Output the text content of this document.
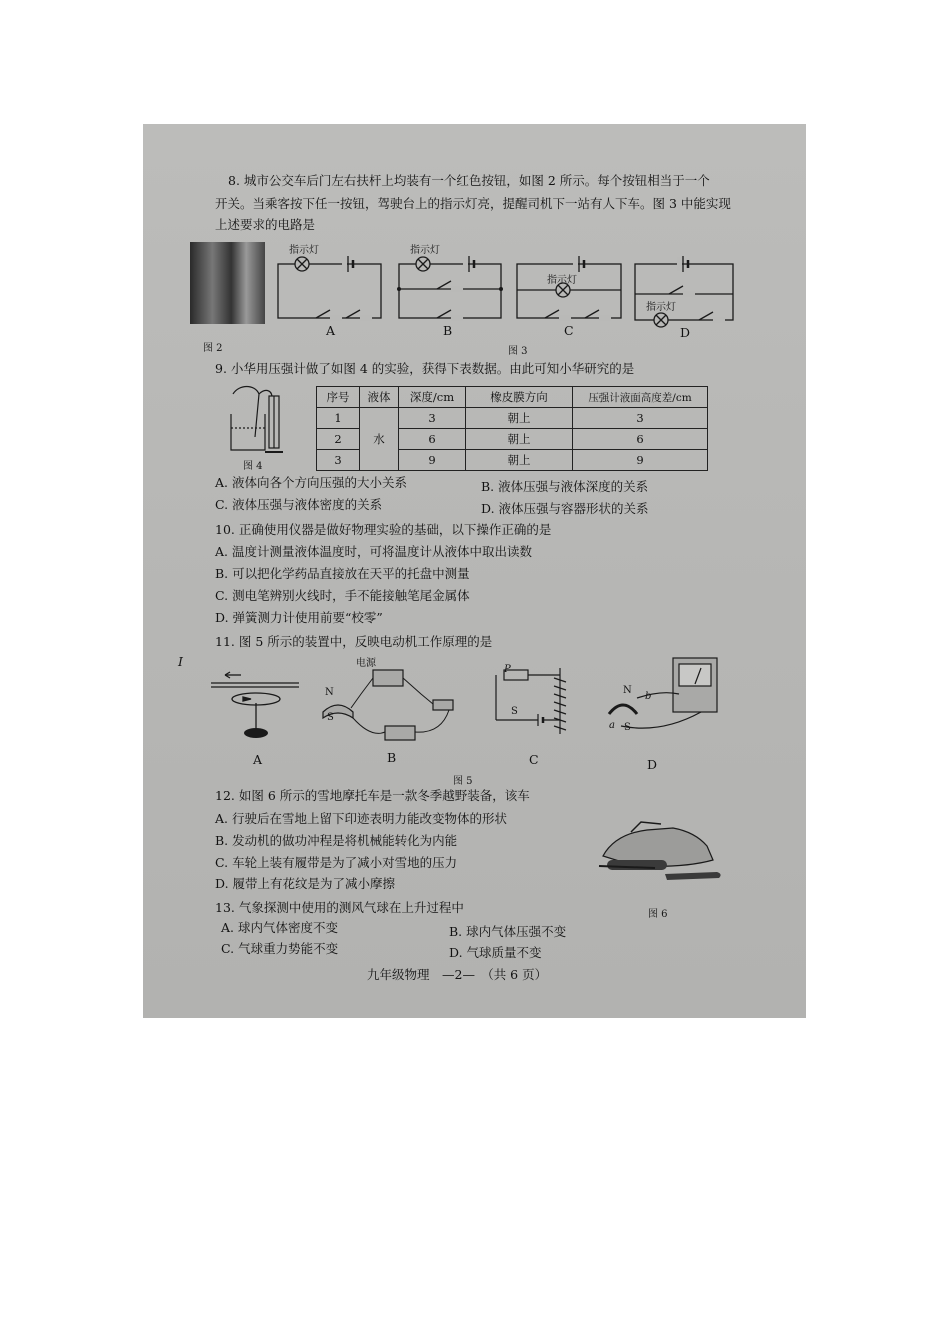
8. 城市公交车后门左右扶杆上均装有一个红色按钮，如图 2 所示。每个按钮相当于一个
开关。当乘客按下任一按钮，驾驶台上的指示灯亮，提醒司机下一站有人下车。图 3 中能实现
上述要求的电路是
图 2
指示灯
A
指示灯
B
指示灯
C
指示灯
D
图 3
9. 小华用压强计做了如图 4 的实验，获得下表数据。由此可知小华研究的是
图 4
序号	液体	深度/cm	橡皮膜方向	压强计液面高度差/cm
1	水	3	朝上	3
2		6	朝上	6
3		9	朝上	9
A. 液体向各个方向压强的大小关系	B. 液体压强与液体深度的关系
C. 液体压强与液体密度的关系	D. 液体压强与容器形状的关系
10. 正确使用仪器是做好物理实验的基础，以下操作正确的是
A. 温度计测量液体温度时，可将温度计从液体中取出读数
B. 可以把化学药品直接放在天平的托盘中测量
C. 测电笔辨别火线时，手不能接触笔尾金属体
D. 弹簧测力计使用前要“校零”
11. 图 5 所示的装置中，反映电动机工作原理的是
I
A
电源
N
S
B
P
S
C
N
b
a S
D
图 5
12. 如图 6 所示的雪地摩托车是一款冬季越野装备，该车
A. 行驶后在雪地上留下印迹表明力能改变物体的形状
B. 发动机的做功冲程是将机械能转化为内能
C. 车轮上装有履带是为了减小对雪地的压力
D. 履带上有花纹是为了减小摩擦
图 6
13. 气象探测中使用的测风气球在上升过程中
A. 球内气体密度不变	B. 球内气体压强不变
C. 气球重力势能不变	D. 气球质量不变
九年级物理　—2—　（共 6 页）
